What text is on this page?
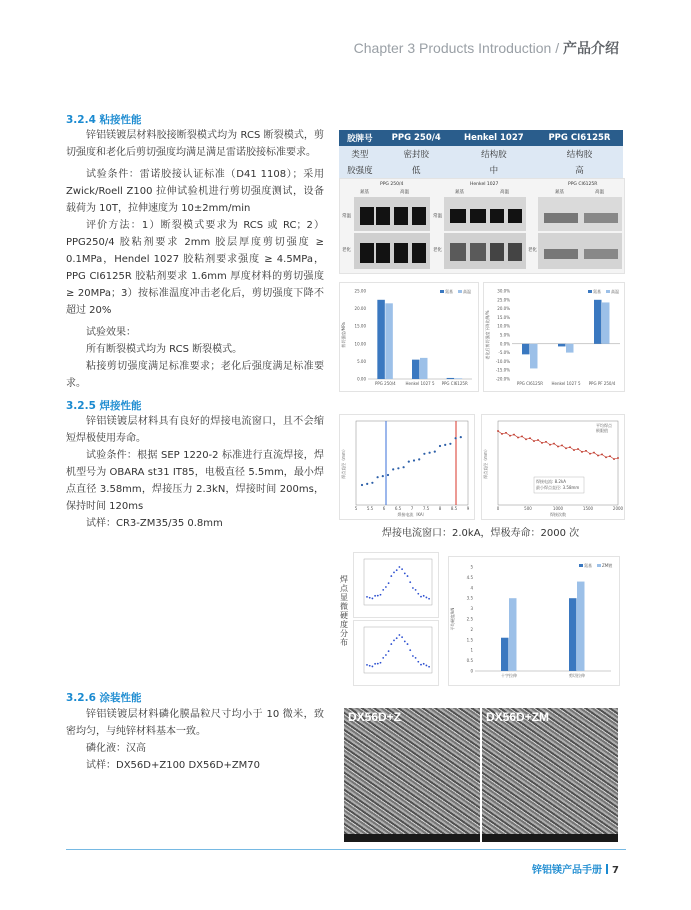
Chapter 3 Products Introduction / 产品介绍
3.2.4 粘接性能

锌铝镁镀层材料胶接断裂模式均为 RCS 断裂模式，剪切强度和老化后剪切强度均满足满足雷诺胶接标准要求。

试验条件：雷诺胶接认证标准（D41 1108）；采用 Zwick/Roell Z100 拉伸试验机进行剪切强度测试，设备载荷为 10T，拉伸速度为 10±2mm/min

评价方法：1）断裂模式要求为 RCS 或 RC；2）PPG250/4 胶粘剂要求 2mm 胶层厚度剪切强度 ≥ 0.1MPa，Hendel 1027 胶粘剂要求强度 ≥ 4.5MPa，PPG CI6125R 胶粘剂要求 1.6mm 厚度材料的剪切强度 ≥ 20MPa；3）按标准温度冲击老化后，剪切强度下降不超过 20%

试验效果：

所有断裂模式均为 RCS 断裂模式。

粘接剪切强度满足标准要求；老化后强度满足标准要求。

胶牌号	PPG 250/4	Henkel 1027	PPG CI6125R
类型	密封胶	结构胶	结构胶
胶强度	低	中	高
PPG 250/4	Henkel 1027	PPG CI6125R
氮基	高温	氮基	高温	氮基	高温
常温
老化
常温
老化	老化
25.00
20.00
15.00
10.00
5.00
0.00
PPG 250/4 Henkel 1027 5 PPG CI6125R
剪切强度/MPa
氮基	高温	30.0%
25.0%
20.0%
15.0%
10.0%
5.0%
0.0%
-5.0%
-10.0%
-15.0%
-20.0%
PPG CI6125R Henkel 1027 5 PPG PF 250/4
老化后剪切强度下降比例/%
氮基	高温
3.2.5 焊接性能

锌铝镁镀层材料具有良好的焊接电流窗口，且不会缩短焊极使用寿命。

试验条件：根据 SEP 1220-2 标准进行直流焊接，焊机型号为 OBARA st31 IT85，电极直径 5.5mm，最小焊点直径 3.58mm，焊接压力 2.3kN，焊接时间 200ms，保持时间 120ms

试样：CR3-ZM35/35 0.8mm

5 5.5 6 6.5 7 7.5 8 8.5 9
焊点直径（mm）
焊接电流（KA）
0	500	1000	1500	2000
焊接电流: 8.2kA
最小焊点直径: 3.58mm
平均焊点
极限值
焊点直径（mm）
焊接次数
焊接电流窗口：2.0kA，焊极寿命：2000 次
焊点显微硬度分布
5
4.5
4
3.5
3
2.5
2
1.5
1
0.5
0
十字拉伸	剪切拉伸
平均硬度/kN
氮基	ZM镀
3.2.6 涂装性能

锌铝镁镀层材料磷化膜晶粒尺寸均小于 10 微米，致密均匀，与纯锌材料基本一致。

磷化液：汉高

试样：DX56D+Z100 DX56D+ZM70

DX56D+Z	DX56D+ZM
锌铝镁产品手册 7
